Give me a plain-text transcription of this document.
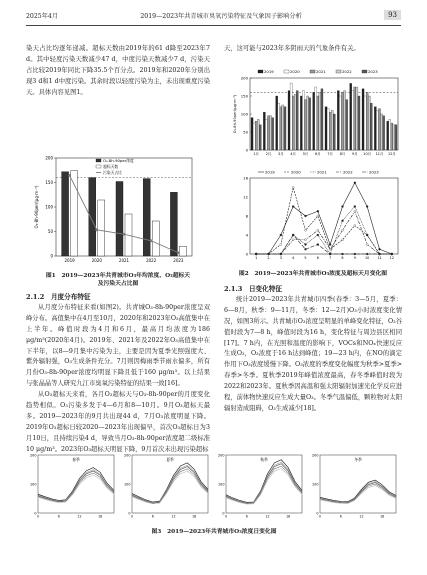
2025年4月	2019—2023年共青城市臭氧污染特征及气象因子影响分析	93

染天占比均逐年递减。超标天数由2019年的61 d降至2023年7 d。其中轻度污染天数减少47 d，中度污染天数减少7 d，污染天占比较2019年同比下降35.5个百分点。2019年和2020年分别出现3 d和1 d中度污染。其余时段以轻度污染为主，未出现重度污染天。具体内容见图1。

0
50
100
150
200
O₃-8h-90per/(μg·m⁻³)
2019	2020	2021	2022	2023
O₃-8h-90per浓度
超标天数
污染天占比
图1　2019—2023年共青城市O₃年均浓度、O₃超标天
及污染天占比图

2.1.2　月度分布特征

从月度分布特征来看(如图2)。共青城O₃-8h-90per浓度呈双峰分布。高值集中在4月至10月，2020年和2023年O₃高值集中在上半年。峰值时段为4月和6月，最高月均浓度为186 μg/m³(2020年4月)。2019年、2021年及2022年O₃高值集中在下半年，以8—9月集中污染为主，主要是因为夏季光照强度大、紫外辐射强，O₃生成条件充分。7月则因梅雨季节雨水偏多，所有月份O₃-8h-90per浓度均明显下降且低于160 μg/m³。以上结果与张晶晶等人研究九江市臭氧污染特征的结果一致[16]。

从O₃超标天来看，各月O₃超标天与O₃-8h-90per的月度变化趋势相似。O₃污染多发于4—6月和8—10月。9月O₃超标天最多。2019—2023年的9月共出现44 d，7月O₃浓度明显下降。2019年O₃超标日较2020—2023年出现偏早，首次O₃超标日为3月10日，且持续污染4 d，导致当月O₃-8h-90per浓度超二级标准10 μg/m³。2023年O₃超标天明显下降，9月首次未出现污染超标

天，这可能与2023年多阴雨天的气象条件有关。

0
50
100
150
200
O₃-8h-90per/(μg·m⁻³)
1月 2月 3月 4月 5月 6月 7月 8月 9月 10月 11月 12月
2019	2020	2021	2022	2023
0
4
8
12
16
1	2	3	4	5	6	7	8	9	10 11 12
2019	2020	2021	2022	2023
图2　2019—2023年共青城市O₃浓度及超标天月变化图

2.1.3　日变化特征

统计2019—2023年共青城市四季(春季：3—5月，夏季：6—8月，秋季：9—11月，冬季：12—2月)O₃小时浓度变化情况，如图3所示。共青城市O₃浓度呈明显的单峰变化特征，O₃谷值时段为7—8 h，峰值时段为16 h，变化特征与周边县区相同[17]。7 h内，在光照和温度的影响下，VOCs和NOₓ快速反应生成O₃，O₃浓度于16 h达到峰值；19—23 h内，在NO的滴定作用下O₃浓度缓慢下降。O₃浓度的季度变化幅度为秋季>夏季>春季>冬季。夏秋季2019年峰值浓度最高，春冬季峰值时段为2022和2023年。夏秋季因高温和强太阳辐射加速光化学反应进程，前体物快速反应生成大量O₃。冬季气温偏低，颗粒物对太阳辐射造成阻碍，O₃生成减少[18]。

0
100
200
0	6	12	18
春季
0
100
200
0	6	12	18
夏季
0
100
200
0	6	12	18
秋季
0
100
200
0	6	12	18
冬季
图3　2019—2023年共青城市O₃浓度日变化图
